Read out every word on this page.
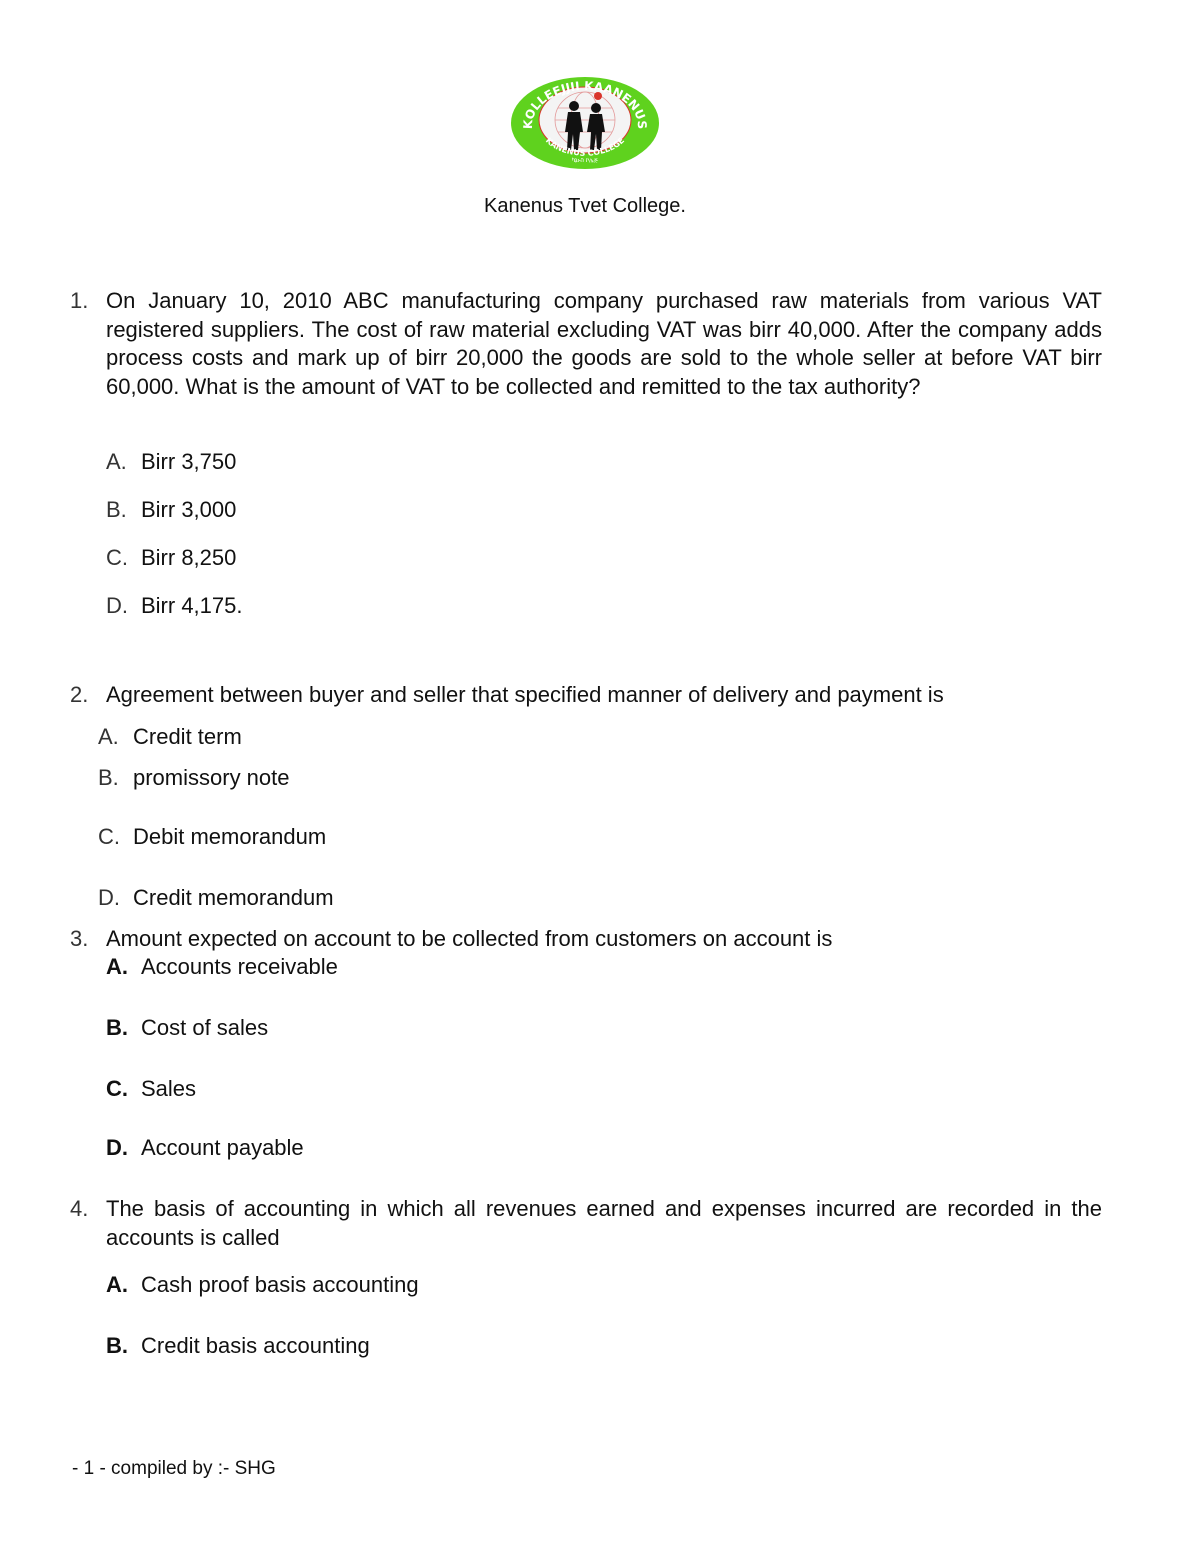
KOLLEEJJII KAANENUS
KANENUS COLLEGE
ካኔኑስ ኮሌጅ
Kanenus Tvet College.
1. On January 10, 2010 ABC manufacturing company purchased raw materials from various VAT registered suppliers. The cost of raw material excluding VAT was birr 40,000. After the company adds process costs and mark up of birr 20,000 the goods are sold to the whole seller at before VAT birr 60,000. What is the amount of VAT to be collected and remitted to the tax authority?
A. Birr 3,750
B. Birr 3,000
C. Birr 8,250
D. Birr 4,175.
2. Agreement between buyer and seller that specified manner of delivery and payment is
A. Credit term
B. promissory note
C. Debit memorandum
D. Credit memorandum
3. Amount expected on account to be collected from customers on account is
A. Accounts receivable
B. Cost of sales
C. Sales
D. Account payable
4. The basis of accounting in which all revenues earned and expenses incurred are recorded in the accounts is called
A. Cash proof basis accounting
B. Credit basis accounting
- 1 - compiled by :- SHG
